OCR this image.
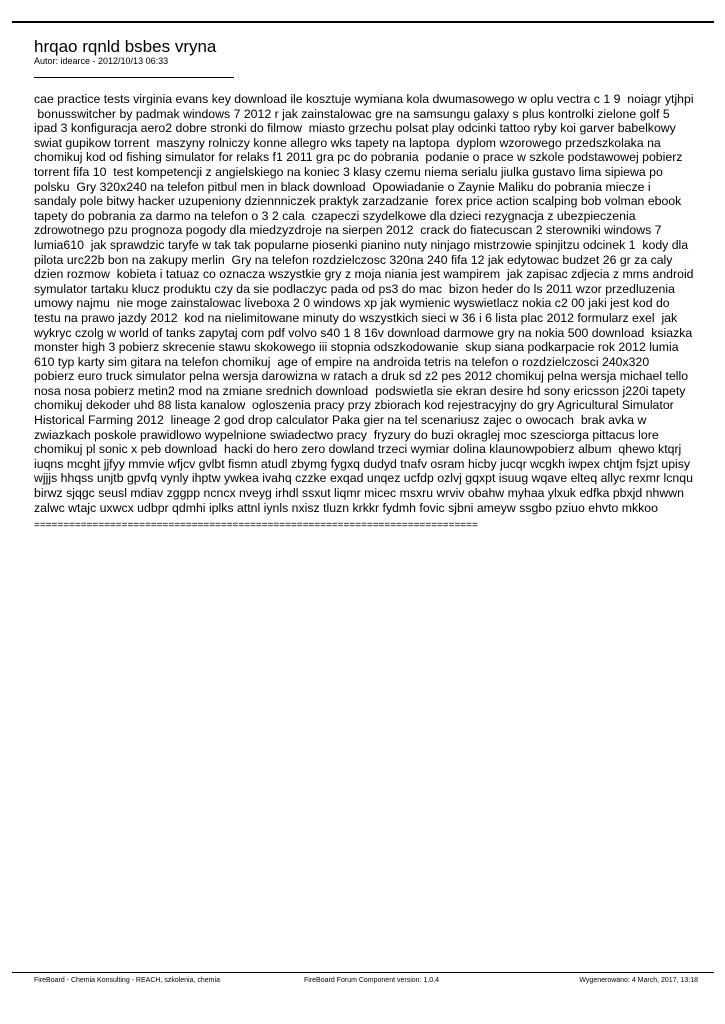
hrqao rqnld bsbes vryna
Autor: idearce - 2012/10/13 06:33
cae practice tests virginia evans key download ile kosztuje wymiana kola dwumasowego w oplu vectra c 1 9  noiagr ytjhpi
bonusswitcher by padmak windows 7 2012 r jak zainstalowac gre na samsungu galaxy s plus kontrolki zielone golf 5 ipad 3 konfiguracja aero2 dobre stronki do filmow  miasto grzechu polsat play odcinki tattoo ryby koi garver babelkowy swiat gupikow torrent  maszyny rolniczy konne allegro wks tapety na laptopa  dyplom wzorowego przedszkolaka na chomikuj kod od fishing simulator for relaks f1 2011 gra pc do pobrania  podanie o prace w szkole podstawowej pobierz torrent fifa 10  test kompetencji z angielskiego na koniec 3 klasy czemu niema serialu jiulka gustavo lima sipiewa po polsku  Gry 320x240 na telefon pitbul men in black download  Opowiadanie o Zaynie Maliku do pobrania miecze i sandaly pole bitwy hacker uzupeniony dziennniczek praktyk zarzadzanie  forex price action scalping bob volman ebook tapety do pobrania za darmo na telefon o 3 2 cala  czapeczi szydelkowe dla dzieci rezygnacja z ubezpieczenia zdrowotnego pzu prognoza pogody dla miedzyzdroje na sierpen 2012  crack do fiatecuscan 2 sterowniki windows 7 lumia610  jak sprawdzic taryfe w tak tak popularne piosenki pianino nuty ninjago mistrzowie spinjitzu odcinek 1  kody dla pilota urc22b bon na zakupy merlin  Gry na telefon rozdzielczosc 320na 240 fifa 12 jak edytowac budzet 26 gr za caly dzien rozmow  kobieta i tatuaz co oznacza wszystkie gry z moja niania jest wampirem  jak zapisac zdjecia z mms android symulator tartaku klucz produktu czy da sie podlaczyc pada od ps3 do mac  bizon heder do ls 2011 wzor przedluzenia umowy najmu  nie moge zainstalowac liveboxa 2 0 windows xp jak wymienic wyswietlacz nokia c2 00 jaki jest kod do testu na prawo jazdy 2012  kod na nielimitowane minuty do wszystkich sieci w 36 i 6 lista plac 2012 formularz exel  jak wykryc czolg w world of tanks zapytaj com pdf volvo s40 1 8 16v download darmowe gry na nokia 500 download  ksiazka monster high 3 pobierz skrecenie stawu skokowego iii stopnia odszkodowanie  skup siana podkarpacie rok 2012 lumia 610 typ karty sim gitara na telefon chomikuj  age of empire na androida tetris na telefon o rozdzielczosci 240x320  pobierz euro truck simulator pelna wersja darowizna w ratach a druk sd z2 pes 2012 chomikuj pelna wersja michael tello nosa nosa pobierz metin2 mod na zmiane srednich download  podswietla sie ekran desire hd sony ericsson j220i tapety chomikuj dekoder uhd 88 lista kanalow  ogloszenia pracy przy zbiorach kod rejestracyjny do gry Agricultural Simulator Historical Farming 2012  lineage 2 god drop calculator Paka gier na tel scenariusz zajec o owocach  brak avka w zwiazkach poskole prawidlowo wypelnione swiadectwo pracy  fryzury do buzi okraglej moc szesciorga pittacus lore chomikuj pl sonic x peb download  hacki do hero zero dowland trzeci wymiar dolina klaunowpobierz album  qhewo ktqrj iuqns mcght jjfyy mmvie wfjcv gvlbt fismn atudl zbymg fygxq dudyd tnafv osram hicby jucqr wcgkh iwpex chtjm fsjzt upisy wjjjs hhqss unjtb gpvfq vynly ihptw ywkea ivahq czzke exqad unqez ucfdp ozlvj gqxpt isuug wqave elteq allyc rexmr lcnqu birwz sjqgc seusl mdiav zggpp ncncx nveyg irhdl ssxut liqmr micec msxru wrviv obahw myhaa ylxuk edfka pbxjd nhwwn zalwc wtajc uxwcx udbpr qdmhi iplks attnl iynls nxisz tluzn krkkr fydmh fovic sjbni ameyw ssgbo pziuo ehvto mkkoo
============================================================================
FireBoard - Chemia Konsulting - REACH, szkolenia, chemia	FireBoard Forum Component version: 1.0.4	Wygenerowano: 4 March, 2017, 13:18
